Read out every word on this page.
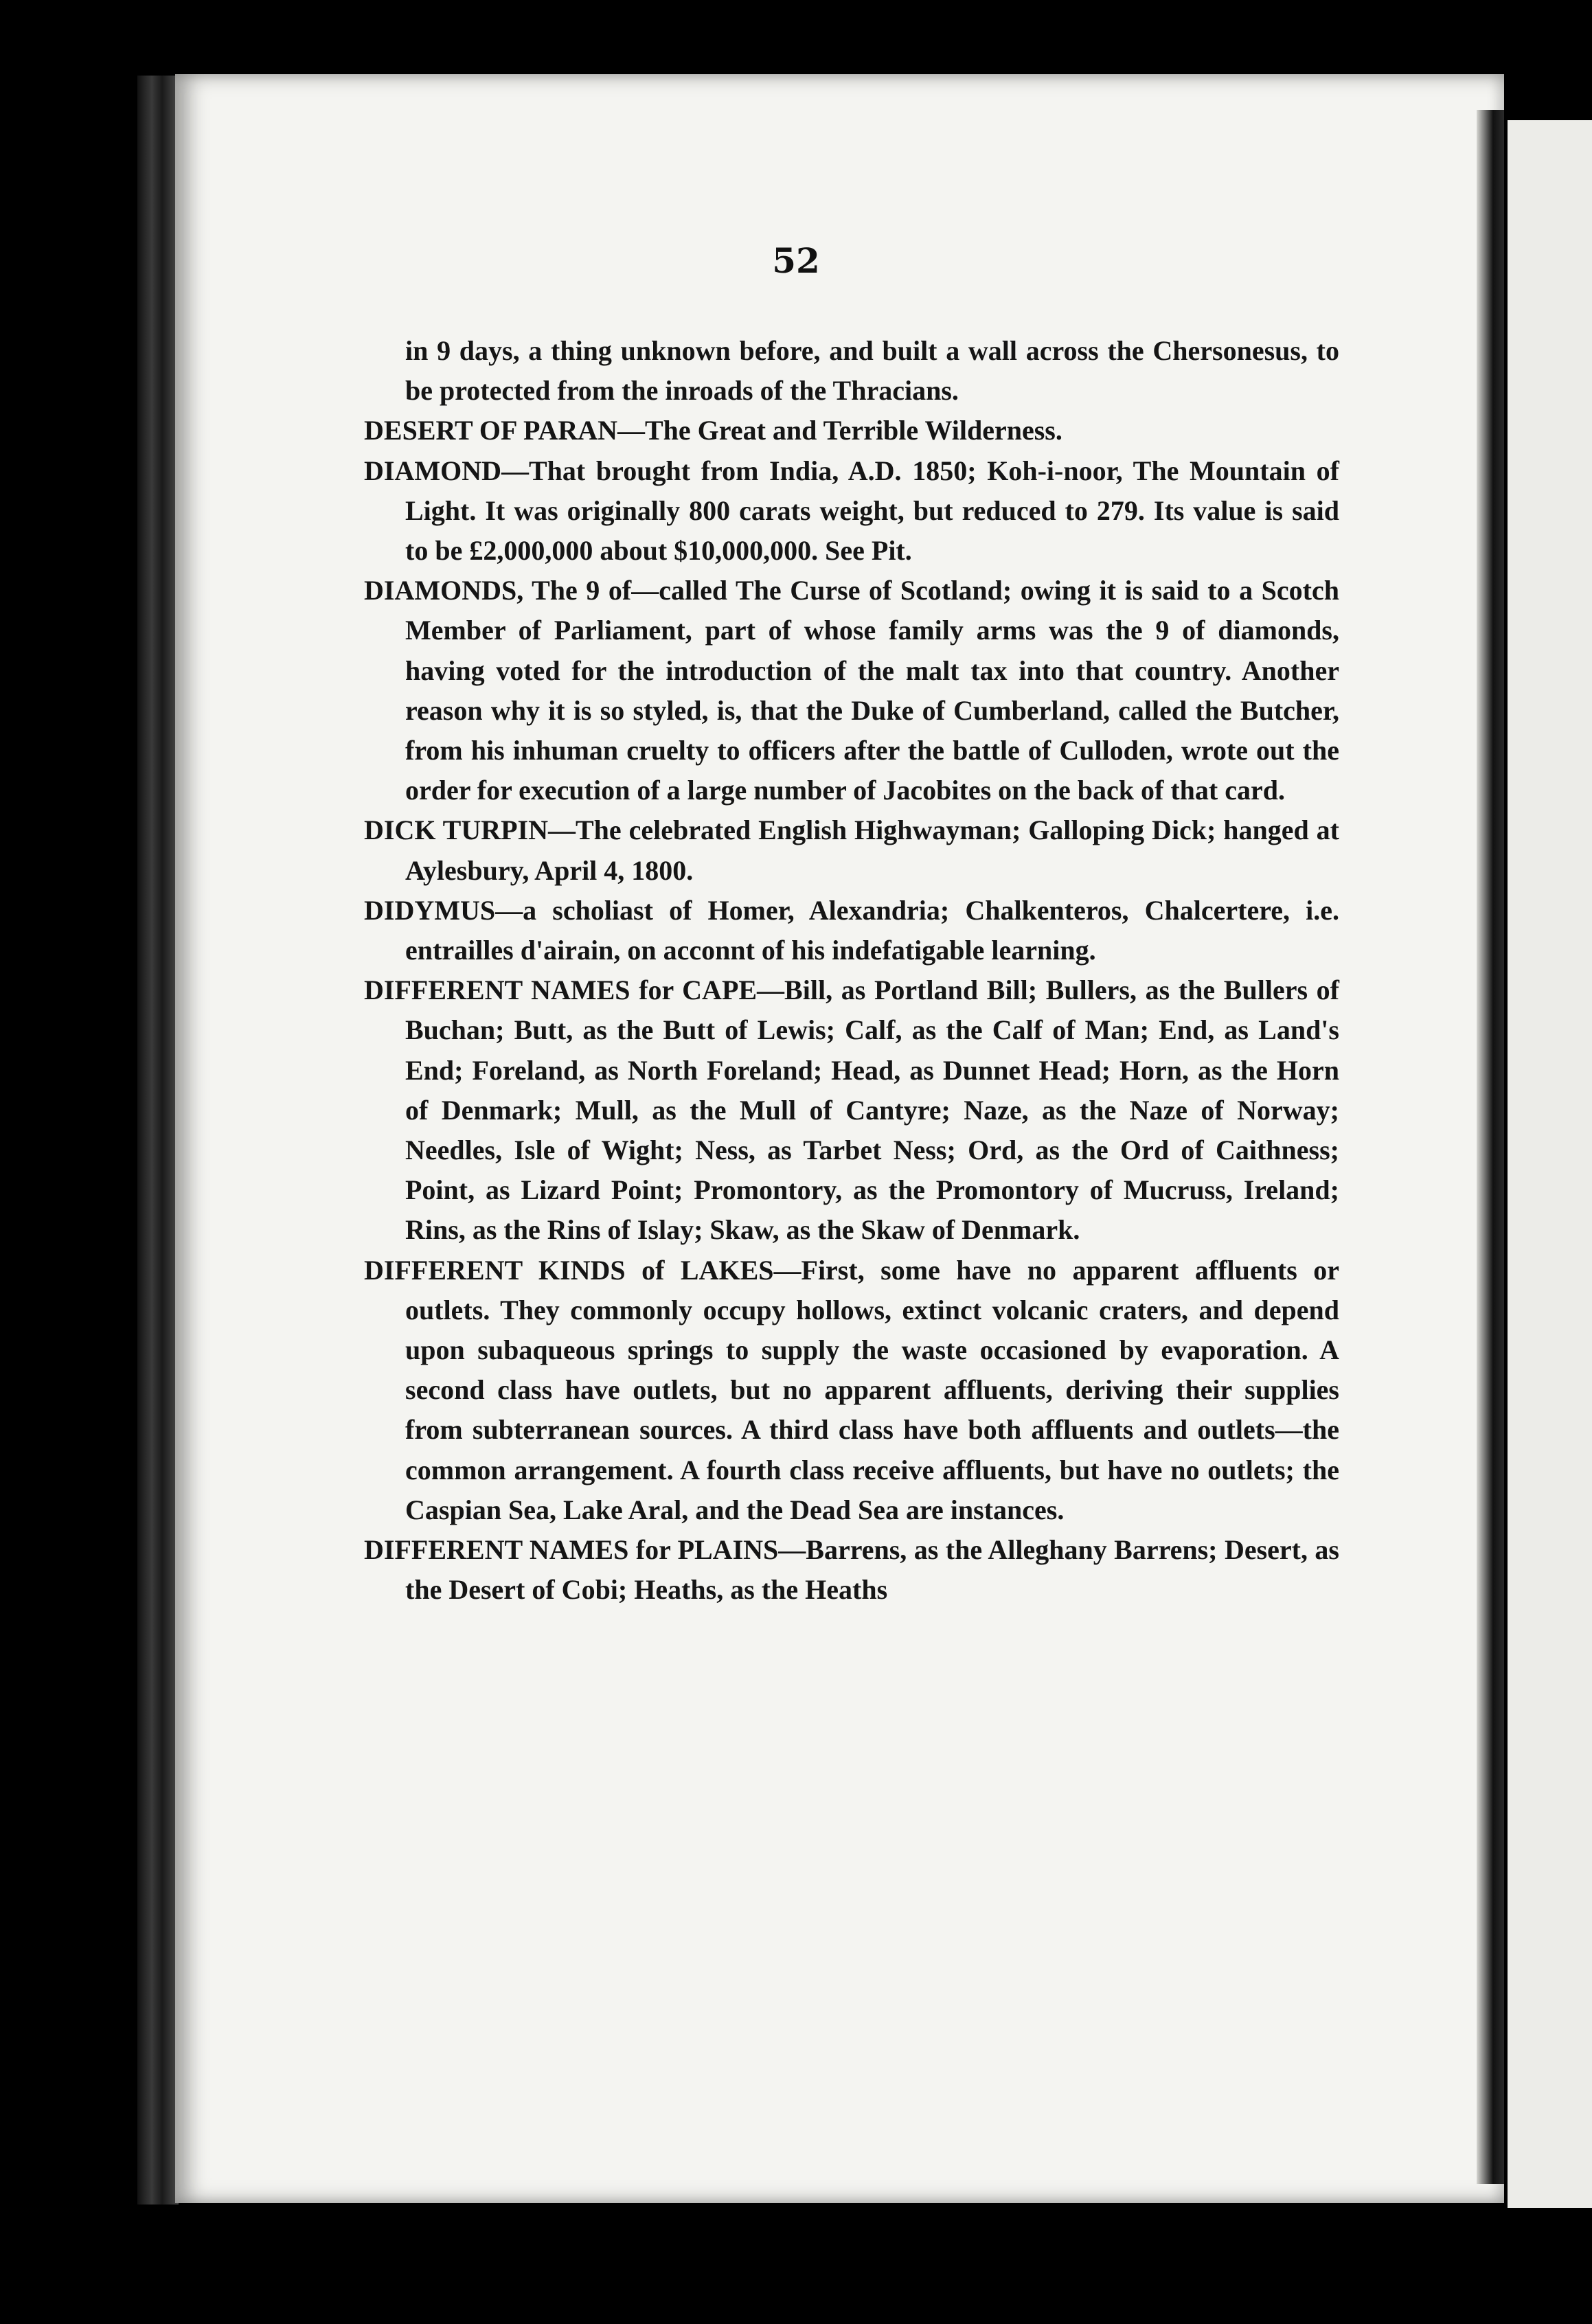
52

in 9 days, a thing unknown before, and built a wall across the Chersonesus, to be protected from the inroads of the Thracians.

DESERT OF PARAN—The Great and Terrible Wilderness.

DIAMOND—That brought from India, A.D. 1850; Koh-i-noor, The Mountain of Light. It was originally 800 carats weight, but reduced to 279. Its value is said to be £2,000,000 about $10,000,000. See Pit.

DIAMONDS, The 9 of—called The Curse of Scotland; owing it is said to a Scotch Member of Parliament, part of whose family arms was the 9 of diamonds, having voted for the introduction of the malt tax into that country. Another reason why it is so styled, is, that the Duke of Cumberland, called the Butcher, from his inhuman cruelty to officers after the battle of Culloden, wrote out the order for execution of a large number of Jacobites on the back of that card.

DICK TURPIN—The celebrated English Highwayman; Galloping Dick; hanged at Aylesbury, April 4, 1800.

DIDYMUS—a scholiast of Homer, Alexandria; Chalkenteros, Chalcertere, i.e. entrailles d'airain, on acconnt of his indefatigable learning.

DIFFERENT NAMES for CAPE—Bill, as Portland Bill; Bullers, as the Bullers of Buchan; Butt, as the Butt of Lewis; Calf, as the Calf of Man; End, as Land's End; Foreland, as North Foreland; Head, as Dunnet Head; Horn, as the Horn of Denmark; Mull, as the Mull of Cantyre; Naze, as the Naze of Norway; Needles, Isle of Wight; Ness, as Tarbet Ness; Ord, as the Ord of Caithness; Point, as Lizard Point; Promontory, as the Promontory of Mucruss, Ireland; Rins, as the Rins of Islay; Skaw, as the Skaw of Denmark.

DIFFERENT KINDS of LAKES—First, some have no apparent affluents or outlets. They commonly occupy hollows, extinct volcanic craters, and depend upon subaqueous springs to supply the waste occasioned by evaporation. A second class have outlets, but no apparent affluents, deriving their supplies from subterranean sources. A third class have both affluents and outlets—the common arrangement. A fourth class receive affluents, but have no outlets; the Caspian Sea, Lake Aral, and the Dead Sea are instances.

DIFFERENT NAMES for PLAINS—Barrens, as the Alleghany Barrens; Desert, as the Desert of Cobi; Heaths, as the Heaths
